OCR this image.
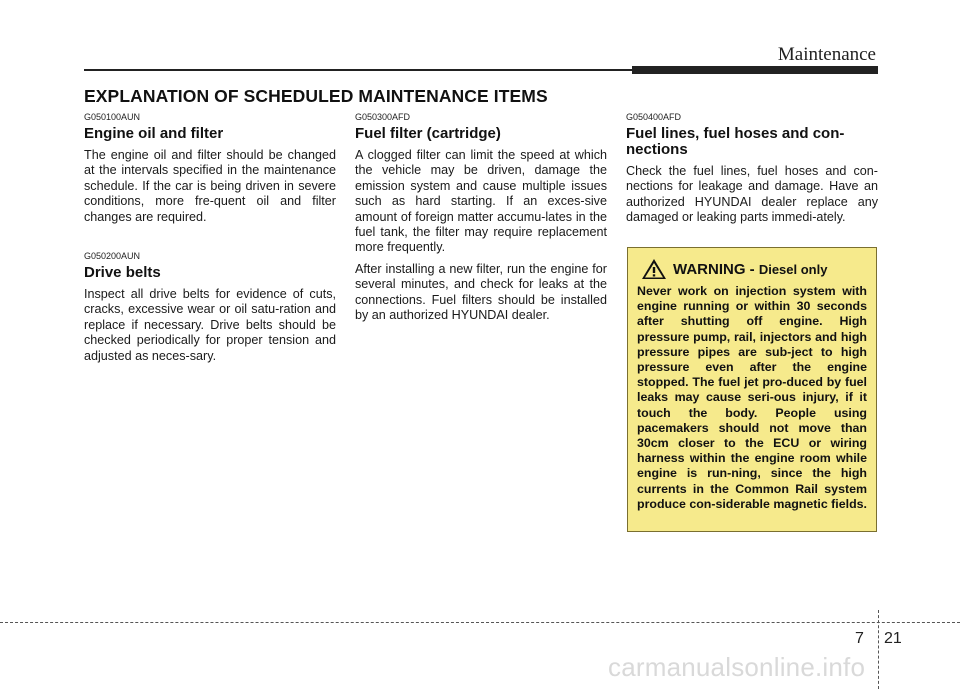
Maintenance
EXPLANATION OF SCHEDULED MAINTENANCE ITEMS
G050100AUN
Engine oil and filter

The engine oil and filter should be changed at the intervals specified in the maintenance schedule. If the car is being driven in severe conditions, more fre-quent oil and filter changes are required.

G050200AUN
Drive belts

Inspect all drive belts for evidence of cuts, cracks, excessive wear or oil satu-ration and replace if necessary. Drive belts should be checked periodically for proper tension and adjusted as neces-sary.

G050300AFD
Fuel filter (cartridge)

A clogged filter can limit the speed at which the vehicle may be driven, damage the emission system and cause multiple issues such as hard starting. If an exces-sive amount of foreign matter accumu-lates in the fuel tank, the filter may require replacement more frequently.

After installing a new filter, run the engine for several minutes, and check for leaks at the connections. Fuel filters should be installed by an authorized HYUNDAI dealer.

G050400AFD
Fuel lines, fuel hoses and con-nections

Check the fuel lines, fuel hoses and con-nections for leakage and damage. Have an authorized HYUNDAI dealer replace any damaged or leaking parts immedi-ately.

WARNING - Diesel only
Never work on injection system with engine running or within 30 seconds after shutting off engine. High pressure pump, rail, injectors and high pressure pipes are sub-ject to high pressure even after the engine stopped. The fuel jet pro-duced by fuel leaks may cause seri-ous injury, if it touch the body. People using pacemakers should not move than 30cm closer to the ECU or wiring harness within the engine room while engine is run-ning, since the high currents in the Common Rail system produce con-siderable magnetic fields.
7 21
carmanualsonline.info
